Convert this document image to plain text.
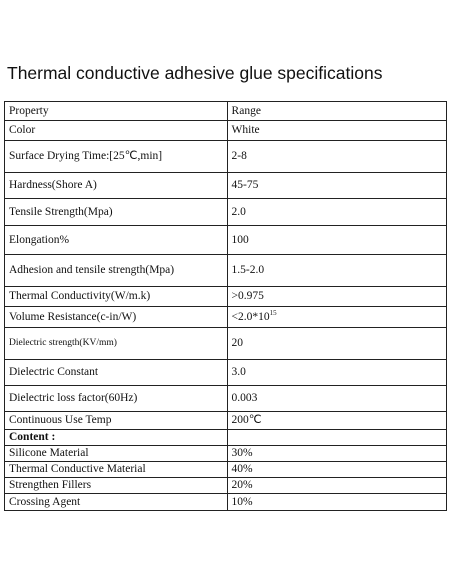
Thermal conductive adhesive glue specifications
Property	Range
Color	White
Surface Drying Time:[25℃,min]	2-8
Hardness(Shore A)	45-75
Tensile Strength(Mpa)	2.0
Elongation%	100
Adhesion and tensile strength(Mpa)	1.5-2.0
Thermal Conductivity(W/m.k)	>0.975
Volume Resistance(c-in/W)	$<2.0*10^{15}$
Dielectric strength(KV/mm)	20
Dielectric Constant	3.0
Dielectric loss factor(60Hz)	0.003
Continuous Use Temp	200℃
Content :	
Silicone Material	30%
Thermal Conductive Material	40%
Strengthen Fillers	20%
Crossing Agent	10%
